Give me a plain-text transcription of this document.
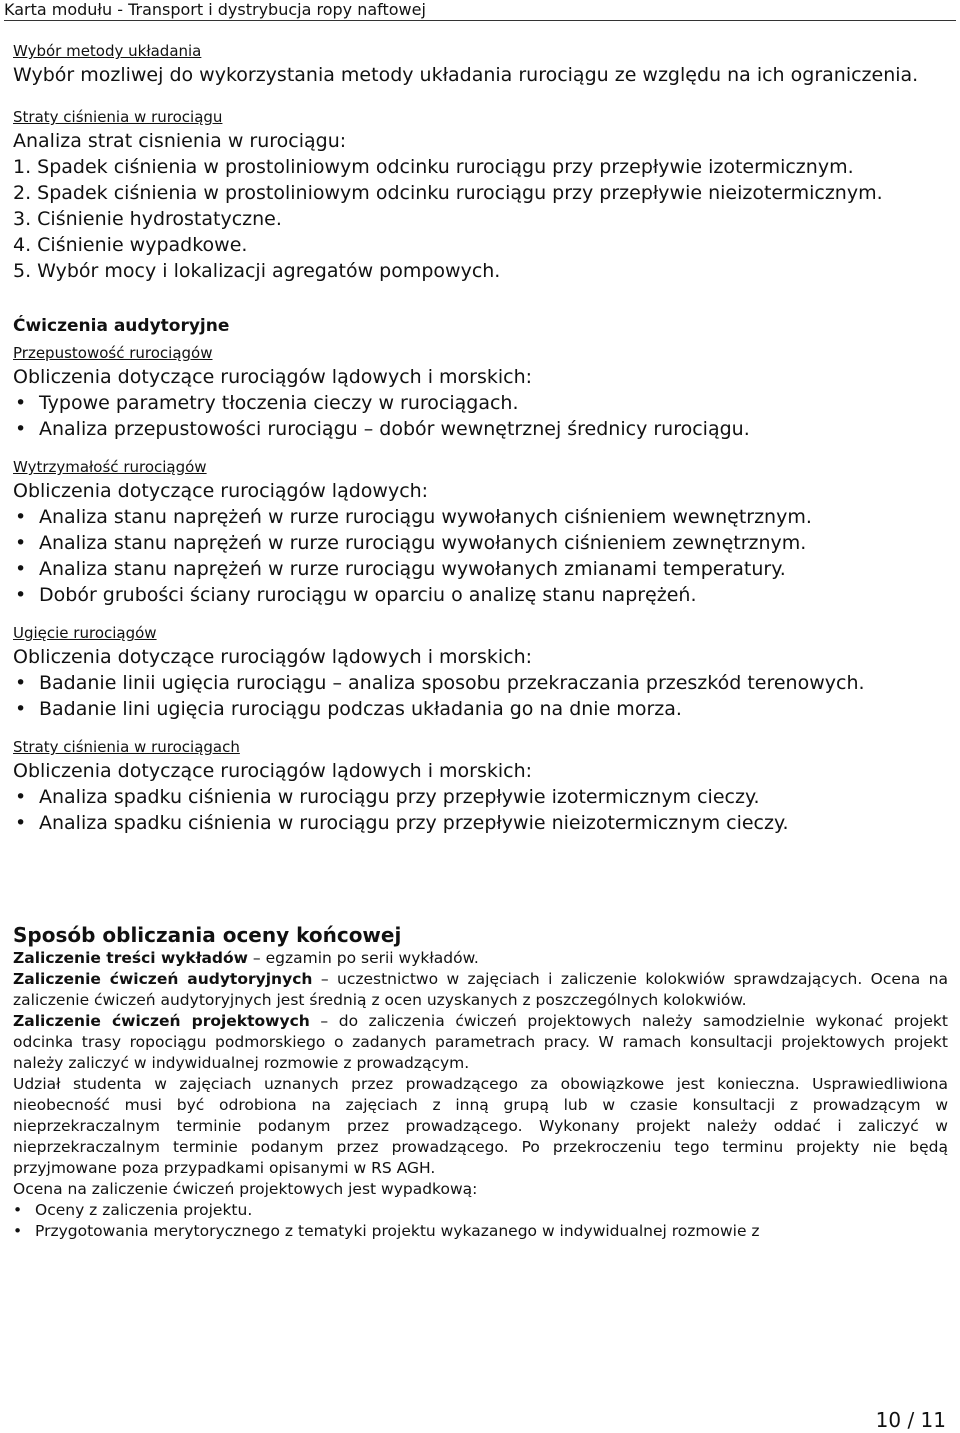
Karta modułu - Transport i dystrybucja ropy naftowej
Wybór metody układania
Wybór mozliwej do wykorzystania metody układania rurociągu ze względu na ich ograniczenia.
Straty ciśnienia w rurociągu
Analiza strat cisnienia w rurociągu:
1. Spadek ciśnienia w prostoliniowym odcinku rurociągu przy przepływie izotermicznym.
2. Spadek ciśnienia w prostoliniowym odcinku rurociągu przy przepływie nieizotermicznym.
3. Ciśnienie hydrostatyczne.
4. Ciśnienie wypadkowe.
5. Wybór mocy i lokalizacji agregatów pompowych.
Ćwiczenia audytoryjne
Przepustowość rurociągów
Obliczenia dotyczące rurociągów lądowych i morskich:
• Typowe parametry tłoczenia cieczy w rurociągach.
• Analiza przepustowości rurociągu – dobór wewnętrznej średnicy rurociągu.
Wytrzymałość rurociągów
Obliczenia dotyczące rurociągów lądowych:
• Analiza stanu naprężeń w rurze rurociągu wywołanych ciśnieniem wewnętrznym.
• Analiza stanu naprężeń w rurze rurociągu wywołanych ciśnieniem zewnętrznym.
• Analiza stanu naprężeń w rurze rurociągu wywołanych zmianami temperatury.
• Dobór grubości ściany rurociągu w oparciu o analizę stanu naprężeń.
Ugięcie rurociągów
Obliczenia dotyczące rurociągów lądowych i morskich:
• Badanie linii ugięcia rurociągu – analiza sposobu przekraczania przeszkód terenowych.
• Badanie lini ugięcia rurociągu podczas układania go na dnie morza.
Straty ciśnienia w rurociągach
Obliczenia dotyczące rurociągów lądowych i morskich:
• Analiza spadku ciśnienia w rurociągu przy przepływie izotermicznym cieczy.
• Analiza spadku ciśnienia w rurociągu przy przepływie nieizotermicznym cieczy.
Sposób obliczania oceny końcowej
Zaliczenie treści wykładów – egzamin po serii wykładów.
Zaliczenie ćwiczeń audytoryjnych – uczestnictwo w zajęciach i zaliczenie kolokwiów sprawdzających. Ocena na zaliczenie ćwiczeń audytoryjnych jest średnią z ocen uzyskanych z poszczególnych kolokwiów.
Zaliczenie ćwiczeń projektowych – do zaliczenia ćwiczeń projektowych należy samodzielnie wykonać projekt odcinka trasy ropociągu podmorskiego o zadanych parametrach pracy. W ramach konsultacji projektowych projekt należy zaliczyć w indywidualnej rozmowie z prowadzącym.
Udział studenta w zajęciach uznanych przez prowadzącego za obowiązkowe jest konieczna. Usprawiedliwiona nieobecność musi być odrobiona na zajęciach z inną grupą lub w czasie konsultacji z prowadzącym w nieprzekraczalnym terminie podanym przez prowadzącego. Wykonany projekt należy oddać i zaliczyć w nieprzekraczalnym terminie podanym przez prowadzącego. Po przekroczeniu tego terminu projekty nie będą przyjmowane poza przypadkami opisanymi w RS AGH.
Ocena na zaliczenie ćwiczeń projektowych jest wypadkową:
• Oceny z zaliczenia projektu.
• Przygotowania merytorycznego z tematyki projektu wykazanego w indywidualnej rozmowie z
10 / 11
